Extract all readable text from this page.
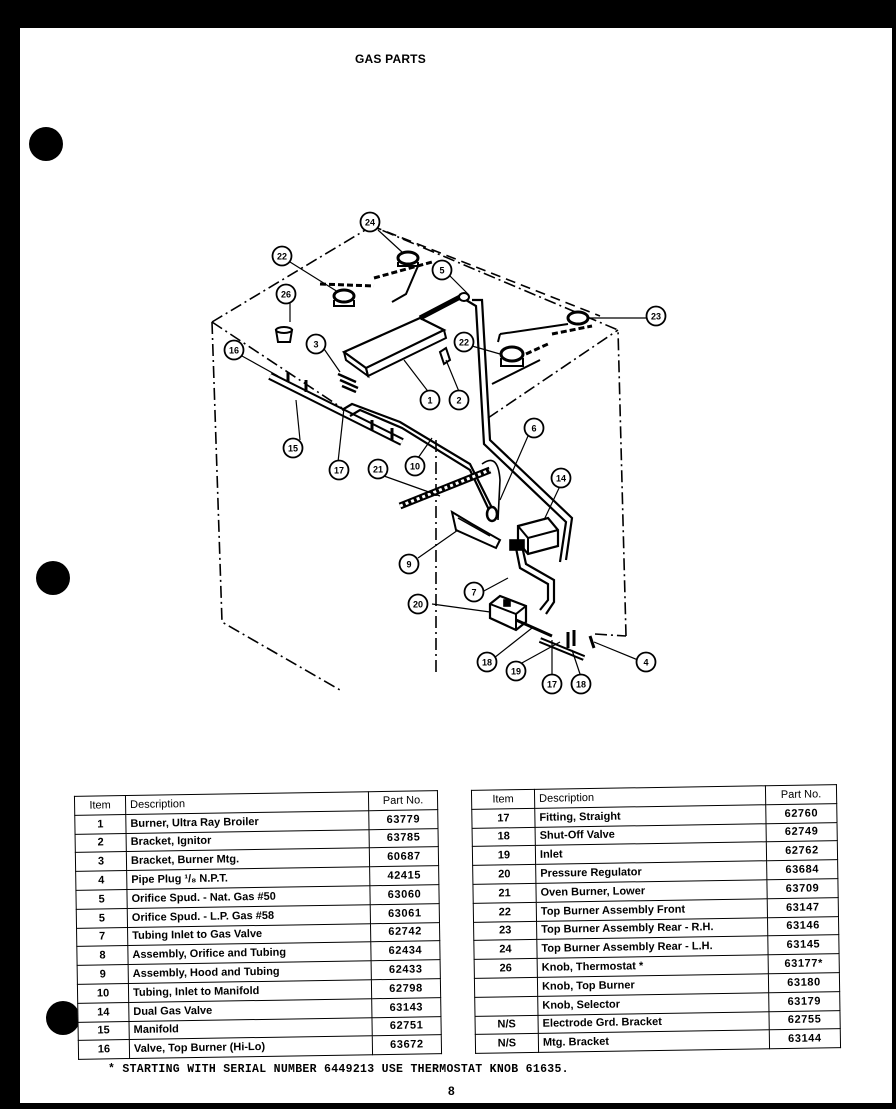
GAS PARTS
24
22
26
5
23
16
3	22
1	2
6
15
17	10
21
14
9
7
20
4
18
19
17 18
Item	Description	Part No.
1	Burner, Ultra Ray Broiler	63779
2	Bracket, Ignitor	63785
3	Bracket, Burner Mtg.	60687
4	Pipe Plug ¹/₈ N.P.T.	42415
5	Orifice Spud. - Nat. Gas #50	63060
5	Orifice Spud. - L.P. Gas #58	63061
7	Tubing Inlet to Gas Valve	62742
8	Assembly, Orifice and Tubing	62434
9	Assembly, Hood and Tubing	62433
10	Tubing, Inlet to Manifold	62798
14	Dual Gas Valve	63143
15	Manifold	62751
16	Valve, Top Burner (Hi-Lo)	63672
Item	Description	Part No.
17	Fitting, Straight	62760
18	Shut-Off Valve	62749
19	Inlet	62762
20	Pressure Regulator	63684
21	Oven Burner, Lower	63709
22	Top Burner Assembly Front	63147
23	Top Burner Assembly Rear - R.H.	63146
24	Top Burner Assembly Rear - L.H.	63145
26	Knob, Thermostat *	63177*
	Knob, Top Burner	63180
	Knob, Selector	63179
N/S	Electrode Grd. Bracket	62755
N/S	Mtg. Bracket	63144
* STARTING WITH SERIAL NUMBER 6449213 USE THERMOSTAT KNOB 61635.
8
